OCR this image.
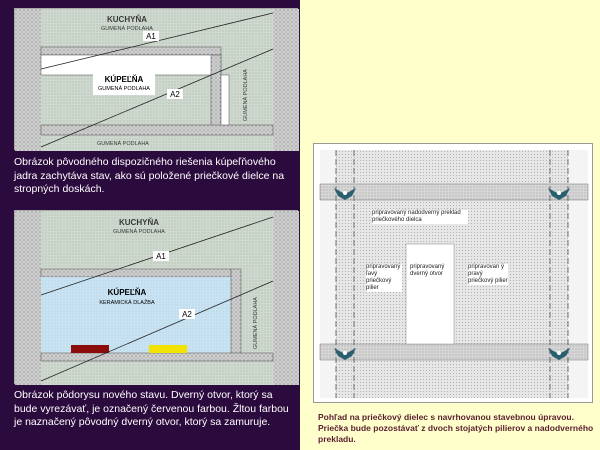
A1
A2
KUCHYŇA
GUMENÁ PODLAHA
KÚPEĽŇA
GUMENÁ PODLAHA	GUMENÁ PODLAHA
GUMENÁ PODLAHA
Obrázok pôvodného dispozičného riešenia kúpeľňového jadra zachytáva stav, ako sú položené priečkové dielce na stropných doskách.
A1
A2
KUCHYŇA
GUMENÁ PODLAHA
KÚPEĽŇA
KERAMICKÁ DLAŽBA	GUMENÁ PODLAHA
Obrázok pôdorysu nového stavu. Dverný otvor, ktorý sa bude vyrezávať, je označený červenou farbou. Žltou farbou je naznačený pôvodný dverný otvor, ktorý sa zamuruje.
pripravovaný nadodverný preklad priečkového dielca
pripravovaný ľavý priečkový pilier
pripravovaný dverný otvor
pripravovan ý pravý priečkový pilier
Pohľad na priečkový dielec s navrhovanou stavebnou úpravou. Priečka bude pozostávať z dvoch stojatých pilierov a nadodverného prekladu.
